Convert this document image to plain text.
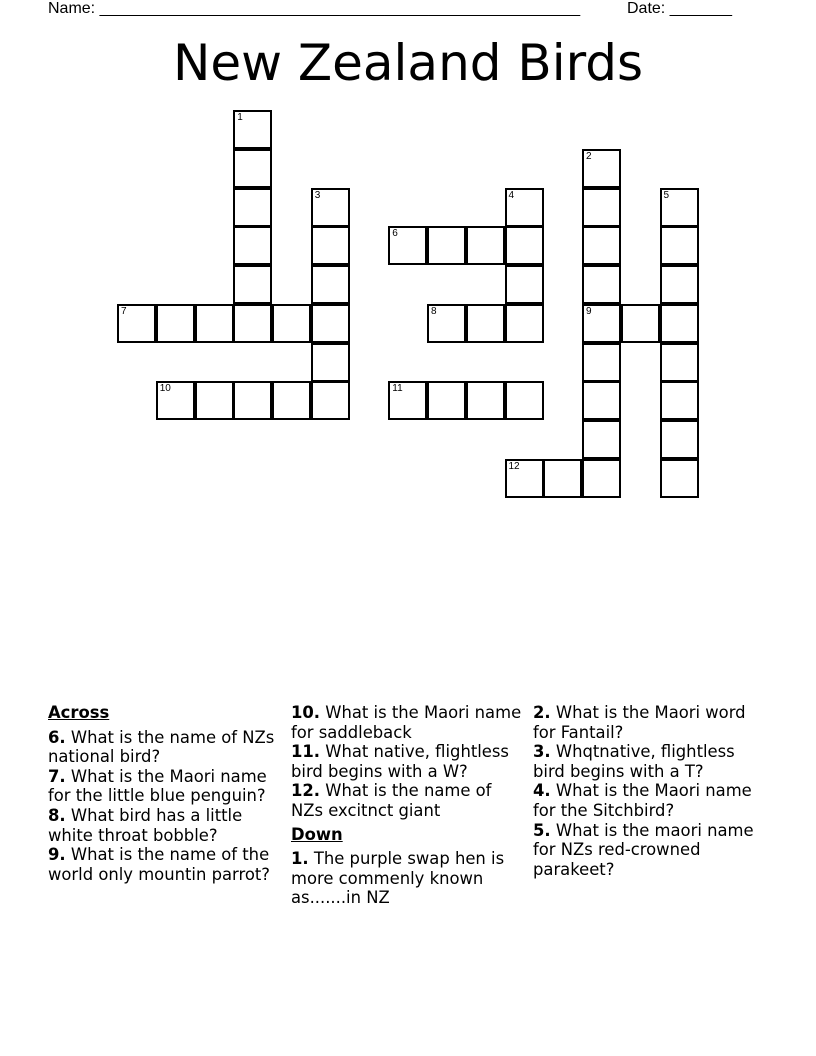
Name: ______________________________________________________	Date: _______
New Zealand Birds
1
2
9
3	4	5
6
7	8
10	11
12
Across
6. What is the name of NZs national bird?
7. What is the Maori name for the little blue penguin?
8. What bird has a little white throat bobble?
9. What is the name of the world only mountin parrot?
10. What is the Maori name for saddleback
11. What native, flightless bird begins with a W?
12. What is the name of NZs excitnct giant
Down
1. The purple swap hen is more commenly known as.......in NZ
2. What is the Maori word for Fantail?
3. Whqtnative, flightless bird begins with a T?
4. What is the Maori name for the Sitchbird?
5. What is the maori name for NZs red-crowned parakeet?
